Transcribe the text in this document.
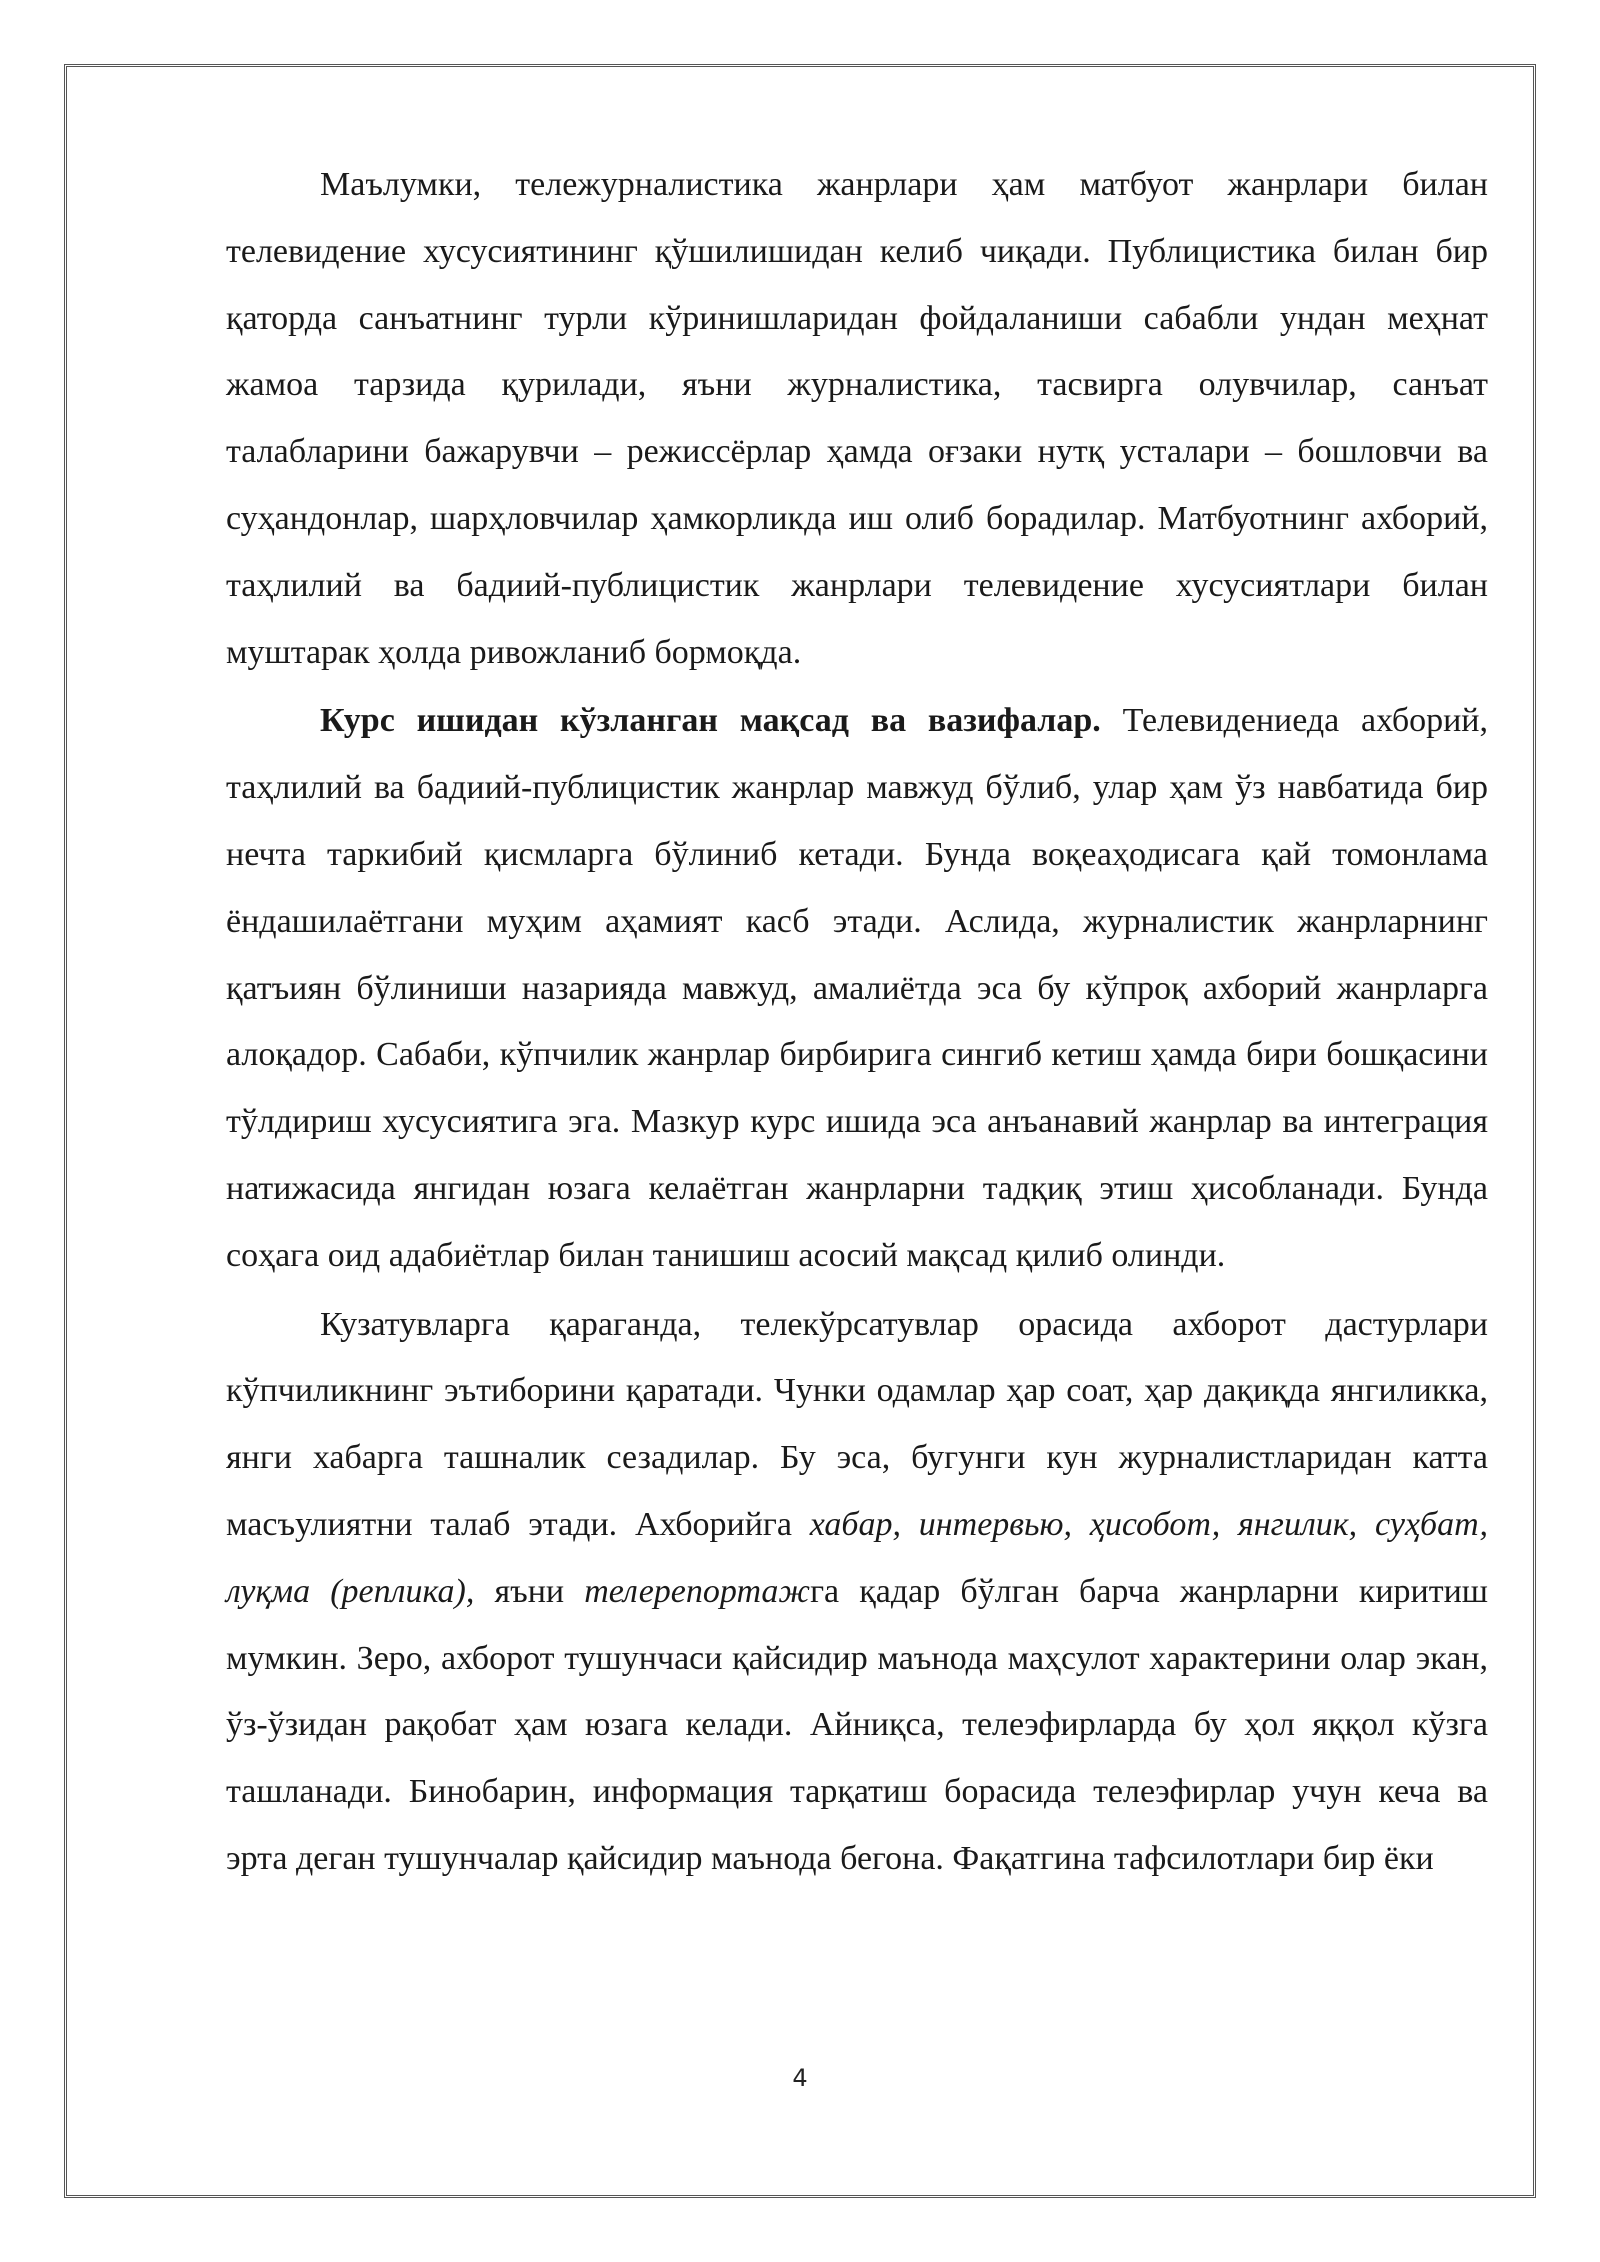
Маълумки, тележурналистика жанрлари ҳам матбуот жанрлари билан телевидение хусусиятининг қўшилишидан келиб чиқади. Публицистика билан бир қаторда санъатнинг турли кўринишларидан фойдаланиши сабабли ундан меҳнат жамоа тарзида қурилади, яъни журналистика, тасвирга олувчилар, санъат талабларини бажарувчи – режиссёрлар ҳамда оғзаки нутқ усталари – бошловчи ва суҳандонлар, шарҳловчилар ҳамкорликда иш олиб борадилар. Матбуотнинг ахборий, таҳлилий ва бадиий-публицистик жанрлари телевидение хусусиятлари билан муштарак ҳолда ривожланиб бормоқда.

Курс ишидан кўзланган мақсад ва вазифалар. Телевидениеда ахборий, таҳлилий ва бадиий-публицистик жанрлар мавжуд бўлиб, улар ҳам ўз навбатида бир нечта таркибий қисмларга бўлиниб кетади. Бунда воқеаҳодисага қай томонлама ёндашилаётгани муҳим аҳамият касб этади. Аслида, журналистик жанрларнинг қатъиян бўлиниши назарияда мавжуд, амалиётда эса бу кўпроқ ахборий жанрларга алоқадор. Сабаби, кўпчилик жанрлар бирбирига сингиб кетиш ҳамда бири бошқасини тўлдириш хусусиятига эга. Мазкур курс ишида эса анъанавий жанрлар ва интеграция натижасида янгидан юзага келаётган жанрларни тадқиқ этиш ҳисобланади. Бунда соҳага оид адабиётлар билан танишиш асосий мақсад қилиб олинди.

Кузатувларга қараганда, телекўрсатувлар орасида ахборот дастурлари кўпчиликнинг эътиборини қаратади. Чунки одамлар ҳар соат, ҳар дақиқда янгиликка, янги хабарга ташналик сезадилар. Бу эса, бугунги кун журналистларидан катта масъулиятни талаб этади. Ахборийга хабар, интервью, ҳисобот, янгилик, суҳбат, луқма (реплика), яъни телерепортажга қадар бўлган барча жанрларни киритиш мумкин. Зеро, ахборот тушунчаси қайсидир маънода маҳсулот характерини олар экан, ўз-ўзидан рақобат ҳам юзага келади. Айниқса, телеэфирларда бу ҳол яққол кўзга ташланади. Бинобарин, информация тарқатиш борасида телеэфирлар учун кеча ва эрта деган тушунчалар қайсидир маънода бегона. Фақатгина тафсилотлари бир ёки

4
